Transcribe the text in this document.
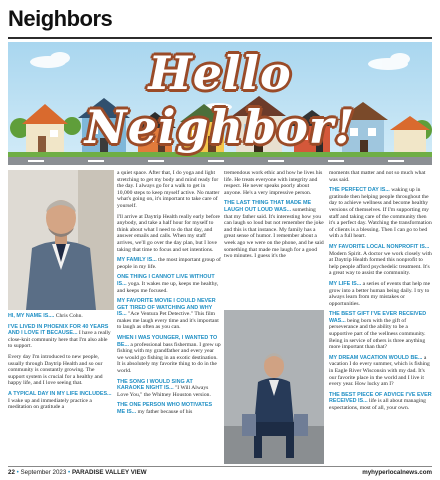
Neighbors
Hello Neighbor!

HI, MY NAME IS.... Chris Cohn.

I'VE LIVED IN PHOENIX FOR 40 YEARS AND I LOVE IT BECAUSE... I have a really close-knit community here that I'm also able to support.

Every day I'm introduced to new people, usually through Daytrip Health and so our community is constantly growing. The support system is crucial for a healthy and happy life, and I love seeing that.

A TYPICAL DAY IN MY LIFE INCLUDES... I wake up and immediately practice a meditation on gratitude a

a quiet space. After that, I do yoga and light stretching to get my body and mind ready for the day. I always go for a walk to get in 10,000 steps to keep myself active. No matter what's going on, it's important to take care of yourself.

I'll arrive at Daytrip Health really early before anybody, and take a half hour for myself to think about what I need to do that day, and answer emails and calls. When my staff arrives, we'll go over the day plan, but I love taking that time to focus and set intentions.

MY FAMILY IS... the most important group of people in my life.

ONE THING I CANNOT LIVE WITHOUT IS... yoga. It wakes me up, keeps me healthy, and keeps me focused.

MY FAVORITE MOVIE I COULD NEVER GET TIRED OF WATCHING AND WHY IS... "Ace Ventura Pet Detective." This film makes me laugh every time and it's important to laugh as often as you can.

WHEN I WAS YOUNGER, I WANTED TO BE... a professional bass fisherman. I grew up fishing with my grandfather and every year we would go fishing in an exotic destination. It is absolutely my favorite thing to do in the world.

THE SONG I WOULD SING AT KARAOKE NIGHT IS... "I Will Always Love You," the Whitney Houston version.

THE ONE PERSON WHO MOTIVATES ME IS... my father because of his

tremendous work ethic and how he lives his life. He treats everyone with integrity and respect. He never speaks poorly about anyone. He's a very impressive person.

THE LAST THING THAT MADE ME LAUGH OUT LOUD WAS... something that my father said. It's interesting how you can laugh so loud but not remember the joke and this is that instance. My family has a great sense of humor. I remember about a week ago we were on the phone, and he said something that made me laugh for a good two minutes. I guess it's the

moments that matter and not so much what was said.

THE PERFECT DAY IS... waking up in gratitude then helping people throughout the day to achieve wellness and become healthy versions of themselves. If I'm supporting my staff and taking care of the community then it's a perfect day. Watching the transformation of clients is a blessing. Then I can go to bed with a full heart.

MY FAVORITE LOCAL NONPROFIT IS... Modern Spirit. A doctor we work closely with at Daytrip Health formed this nonprofit to help people afford psychedelic treatment. It's a great way to assist the community.

MY LIFE IS... a series of events that help me grow into a better human being daily. I try to always learn from my mistakes or opportunities.

THE BEST GIFT I'VE EVER RECEIVED WAS... being born with the gift of perseverance and the ability to be a supportive part of the wellness community. Being in service of others is three anything more important than that?

MY DREAM VACATION WOULD BE... a vacation I do every summer, which is fishing in Eagle River Wisconsin with my dad. It's our favorite place in the world and I live it every year. How lucky am I?

THE BEST PIECE OF ADVICE I'VE EVER RECEIVED IS... life is all about managing expectations, most of all, your own.

22 • September 2023 • PARADISE VALLEY VIEW	myhyperlocalnews.com
